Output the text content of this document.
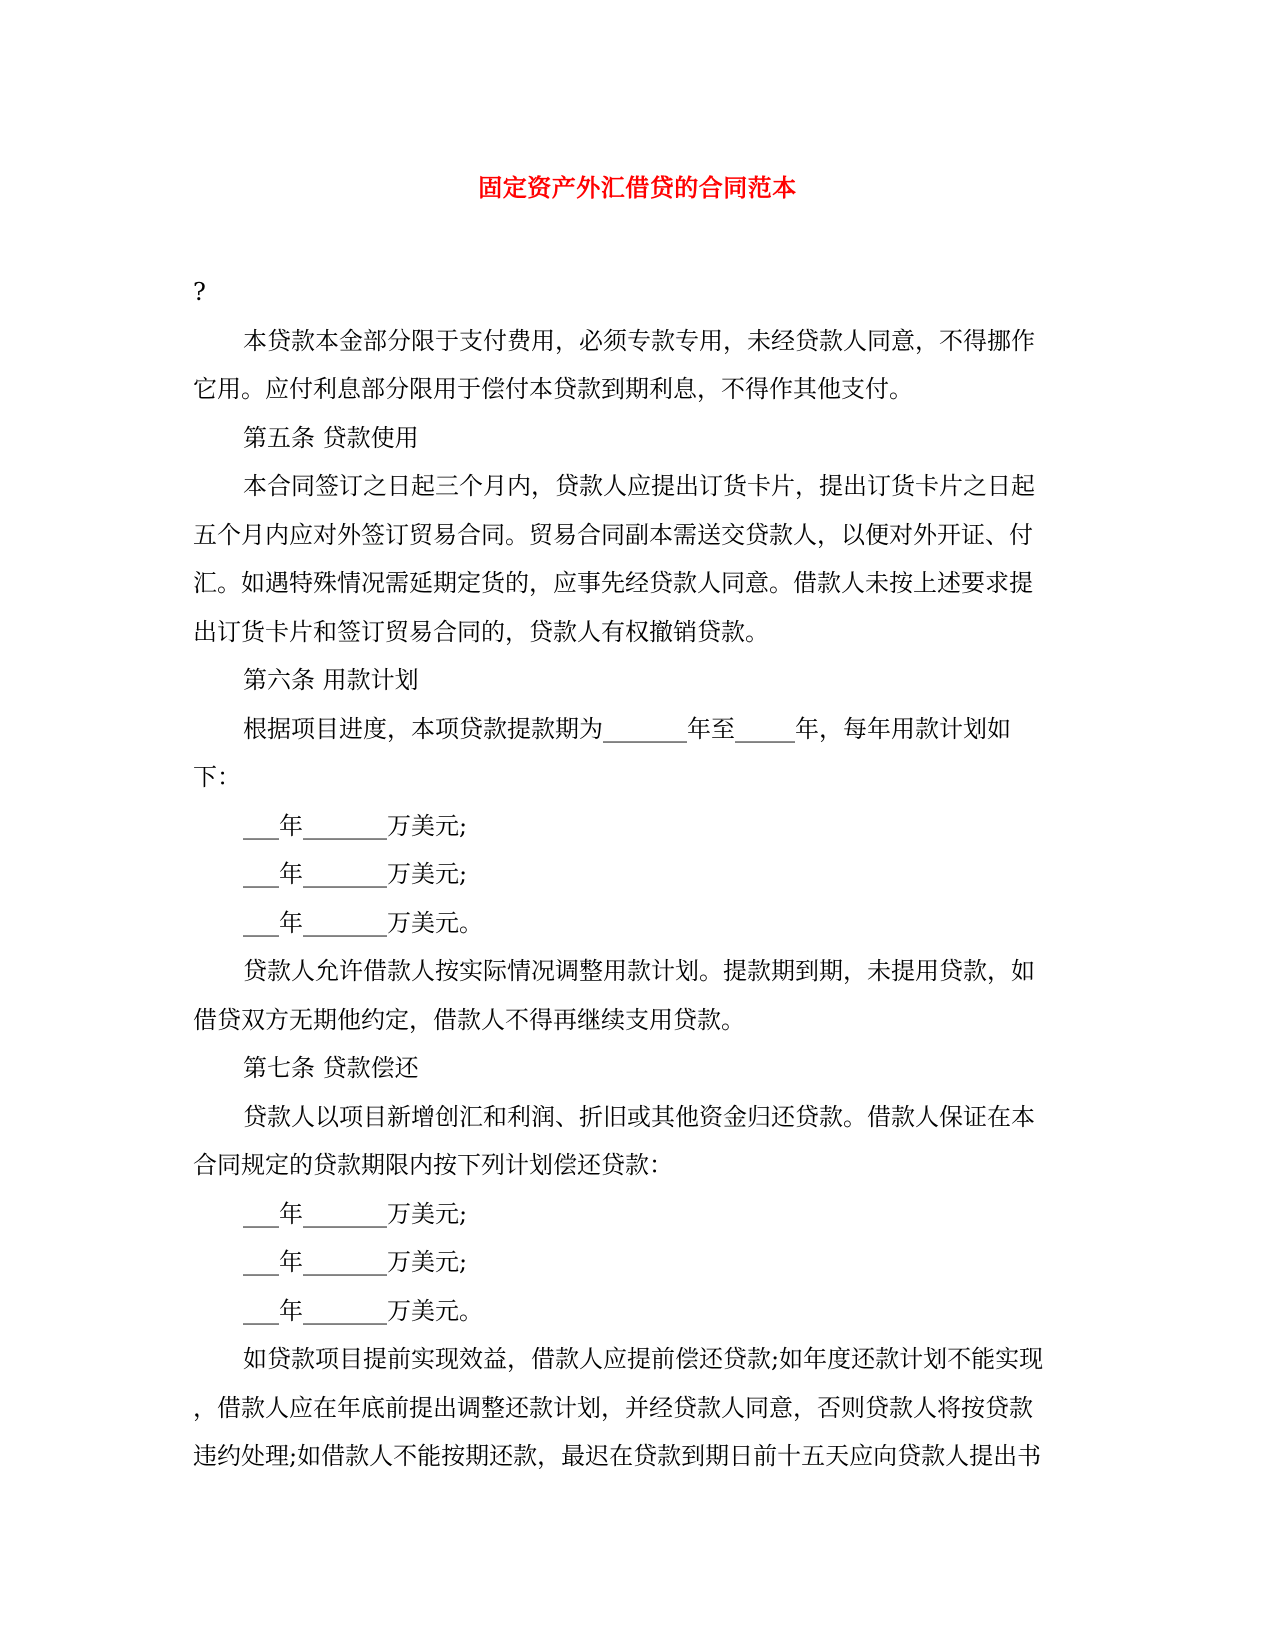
固定资产外汇借贷的合同范本
?
本贷款本金部分限于支付费用，必须专款专用，未经贷款人同意，不得挪作
它用。应付利息部分限用于偿付本贷款到期利息，不得作其他支付。
第五条 贷款使用
本合同签订之日起三个月内，贷款人应提出订货卡片，提出订货卡片之日起
五个月内应对外签订贸易合同。贸易合同副本需送交贷款人，以便对外开证、付
汇。如遇特殊情况需延期定货的，应事先经贷款人同意。借款人未按上述要求提
出订货卡片和签订贸易合同的，贷款人有权撤销贷款。
第六条 用款计划
根据项目进度，本项贷款提款期为_______年至_____年，每年用款计划如
下：
___年_______万美元;
___年_______万美元;
___年_______万美元。
贷款人允许借款人按实际情况调整用款计划。提款期到期，未提用贷款，如
借贷双方无期他约定，借款人不得再继续支用贷款。
第七条 贷款偿还
贷款人以项目新增创汇和利润、折旧或其他资金归还贷款。借款人保证在本
合同规定的贷款期限内按下列计划偿还贷款：
___年_______万美元;
___年_______万美元;
___年_______万美元。
如贷款项目提前实现效益，借款人应提前偿还贷款;如年度还款计划不能实现
，借款人应在年底前提出调整还款计划，并经贷款人同意，否则贷款人将按贷款
违约处理;如借款人不能按期还款，最迟在贷款到期日前十五天应向贷款人提出书
